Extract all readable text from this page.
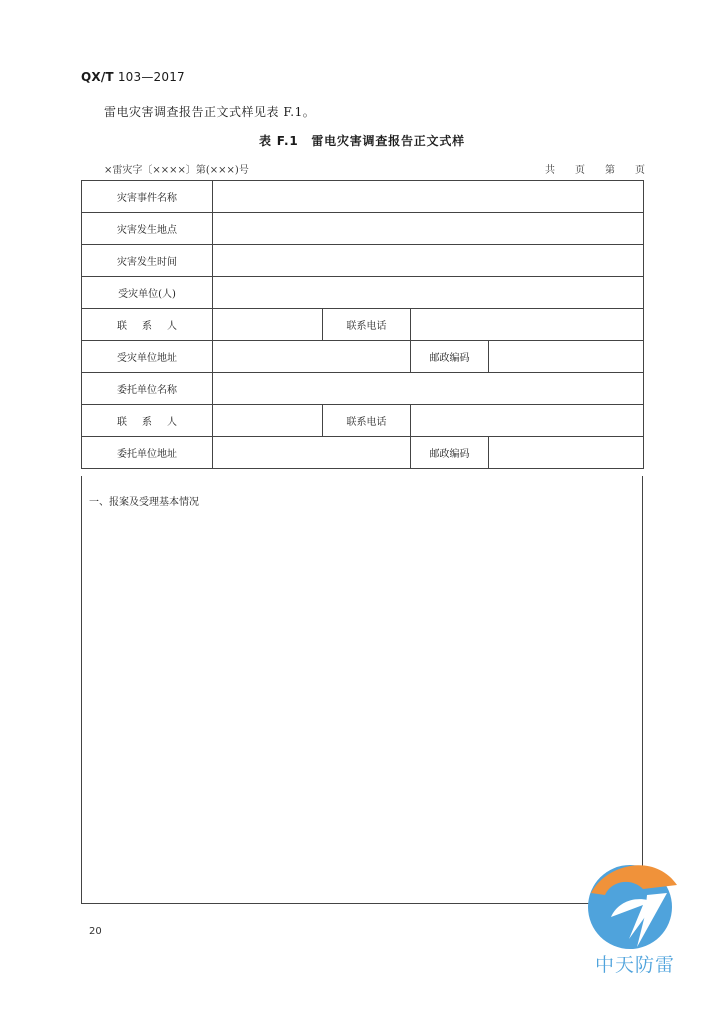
QX/T 103—2017
雷电灾害调查报告正文式样见表 F.1。
表 F.1　雷电灾害调查报告正文式样
×雷灾字〔××××〕第(×××)号	共 页 第 页
灾害事件名称				
灾害发生地点				
灾害发生时间				
受灾单位(人)				
联系人		联系电话		
受灾单位地址			邮政编码	
委托单位名称				
联系人		联系电话		
委托单位地址			邮政编码	
一、报案及受理基本情况
20
中天防雷
